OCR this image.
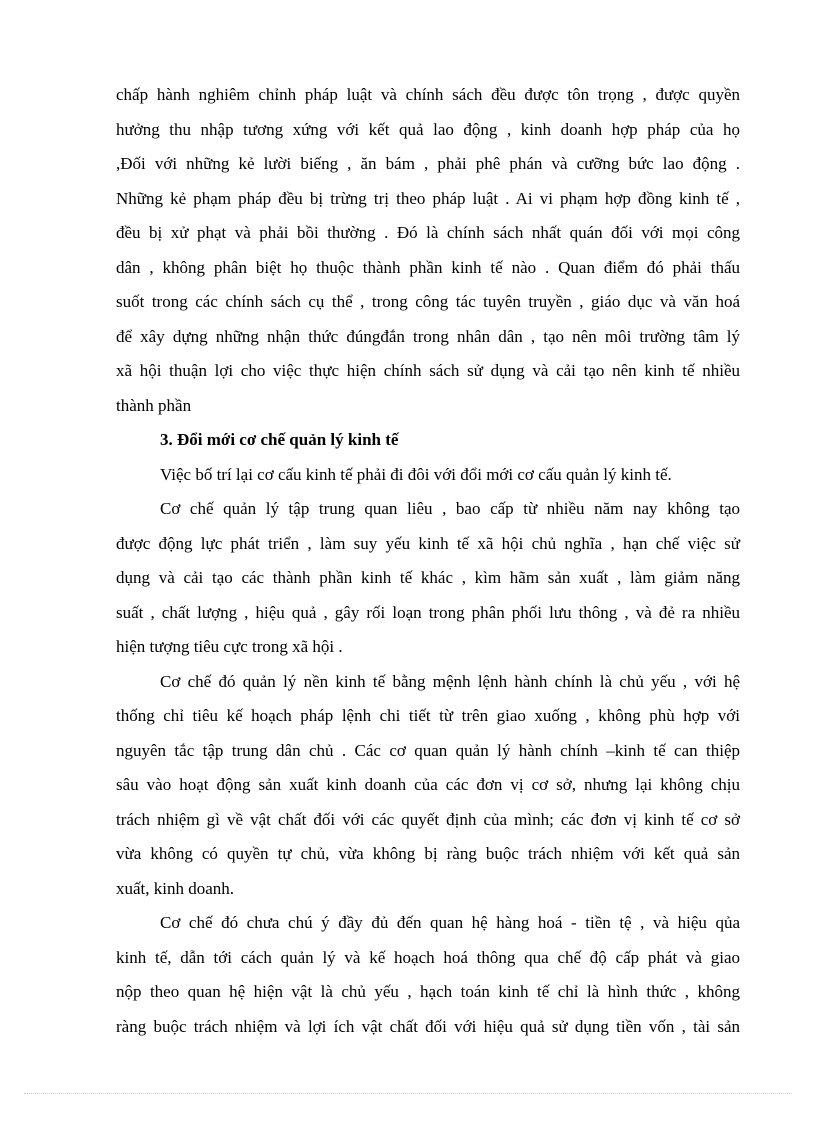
chấp hành nghiêm chỉnh pháp luật và chính sách đều được tôn trọng , được quyền
hưởng thu nhập tương xứng với kết quả lao động , kinh doanh hợp pháp của họ
,Đối với những kẻ lười biếng , ăn bám , phải phê phán và cưỡng bức lao động .
Những kẻ phạm pháp đều bị trừng trị theo pháp luật . Ai vi phạm hợp đồng kinh tế ,
đều bị xử phạt và phải bồi thường . Đó là chính sách nhất quán đối với mọi công
dân , không phân biệt họ thuộc thành phần kinh tế nào . Quan điểm đó phải thấu
suốt trong các chính sách cụ thể , trong công tác tuyên truyền , giáo dục và văn hoá
để xây dựng những nhận thức đúngđắn trong nhân dân , tạo nên môi trường tâm lý
xã hội thuận lợi cho việc thực hiện chính sách sử dụng và cải tạo nên kinh tế nhiều
thành phần
3. Đổi mới cơ chế quản lý kinh tế
Việc bố trí lại cơ cấu kinh tế phải đi đôi với đổi mới cơ cấu quản lý kinh tế.
Cơ chế quản lý tập trung quan liêu , bao cấp từ nhiều năm nay không tạo
được động lực phát triển , làm suy yếu kinh tế xã hội chủ nghĩa , hạn chế việc sử
dụng và cải tạo các thành phần kinh tế khác , kìm hãm sản xuất , làm giảm năng
suất , chất lượng , hiệu quả , gây rối loạn trong phân phối lưu thông , và đẻ ra nhiều
hiện tượng tiêu cực trong xã hội .
Cơ chế đó quản lý nền kinh tế bằng mệnh lệnh hành chính là chủ yếu , với hệ
thống chỉ tiêu kế hoạch pháp lệnh chi tiết từ trên giao xuống , không phù hợp với
nguyên tắc tập trung dân chủ . Các cơ quan quản lý hành chính –kinh tế can thiệp
sâu vào hoạt động sản xuất kinh doanh của các đơn vị cơ sở, nhưng lại không chịu
trách nhiệm gì về vật chất đối với các quyết định của mình; các đơn vị kinh tế cơ sở
vừa không có quyền tự chủ, vừa không bị ràng buộc trách nhiệm với kết quả sản
xuất, kinh doanh.
Cơ chế đó chưa chú ý đầy đủ đến quan hệ hàng hoá - tiền tệ , và hiệu qủa
kinh tế, dẫn tới cách quản lý và kế hoạch hoá thông qua chế độ cấp phát và giao
nộp theo quan hệ hiện vật là chủ yếu , hạch toán kinh tế chỉ là hình thức , không
ràng buộc trách nhiệm và lợi ích vật chất đối với hiệu quả sử dụng tiền vốn , tài sản
